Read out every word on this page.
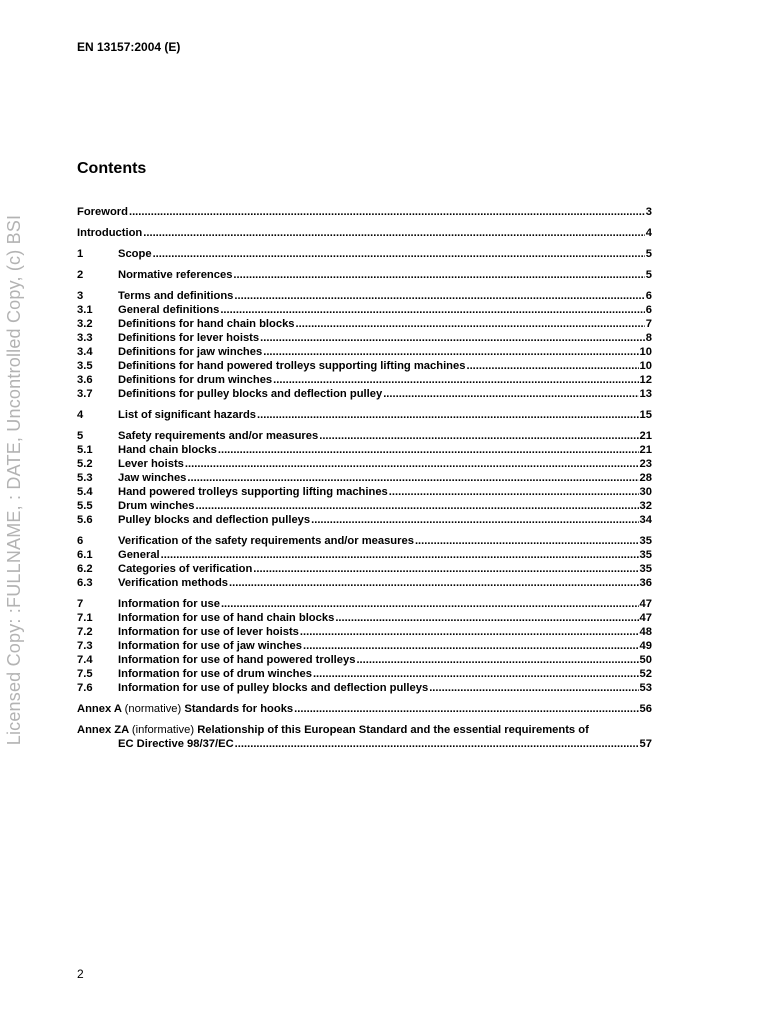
EN 13157:2004 (E)
Contents
Licensed Copy: :FULLNAME, : DATE, Uncontrolled Copy, (c) BSI
Foreword .....	3
Introduction .....	4
1	Scope .....	5
2	Normative references .....	5
3	Terms and definitions .....	6
3.1	General definitions .....	6
3.2	Definitions for hand chain blocks .....	7
3.3	Definitions for lever hoists .....	8
3.4	Definitions for jaw winches .....	10
3.5	Definitions for hand powered trolleys supporting lifting machines .....	10
3.6	Definitions for drum winches .....	12
3.7	Definitions for pulley blocks and deflection pulley .....	13
4	List of significant hazards .....	15
5	Safety requirements and/or measures .....	21
5.1	Hand chain blocks .....	21
5.2	Lever hoists .....	23
5.3	Jaw winches .....	28
5.4	Hand powered trolleys supporting lifting machines .....	30
5.5	Drum winches .....	32
5.6	Pulley blocks and deflection pulleys .....	34
6	Verification of the safety requirements and/or measures .....	35
6.1	General .....	35
6.2	Categories of verification .....	35
6.3	Verification methods .....	36
7	Information for use .....	47
7.1	Information for use of hand chain blocks .....	47
7.2	Information for use of lever hoists .....	48
7.3	Information for use of jaw winches .....	49
7.4	Information for use of hand powered trolleys .....	50
7.5	Information for use of drum winches .....	52
7.6	Information for use of pulley blocks and deflection pulleys .....	53
Annex A (normative) Standards for hooks .....	56
Annex ZA (informative) Relationship of this European Standard and the essential requirements of
EC Directive 98/37/EC .....	57
2
